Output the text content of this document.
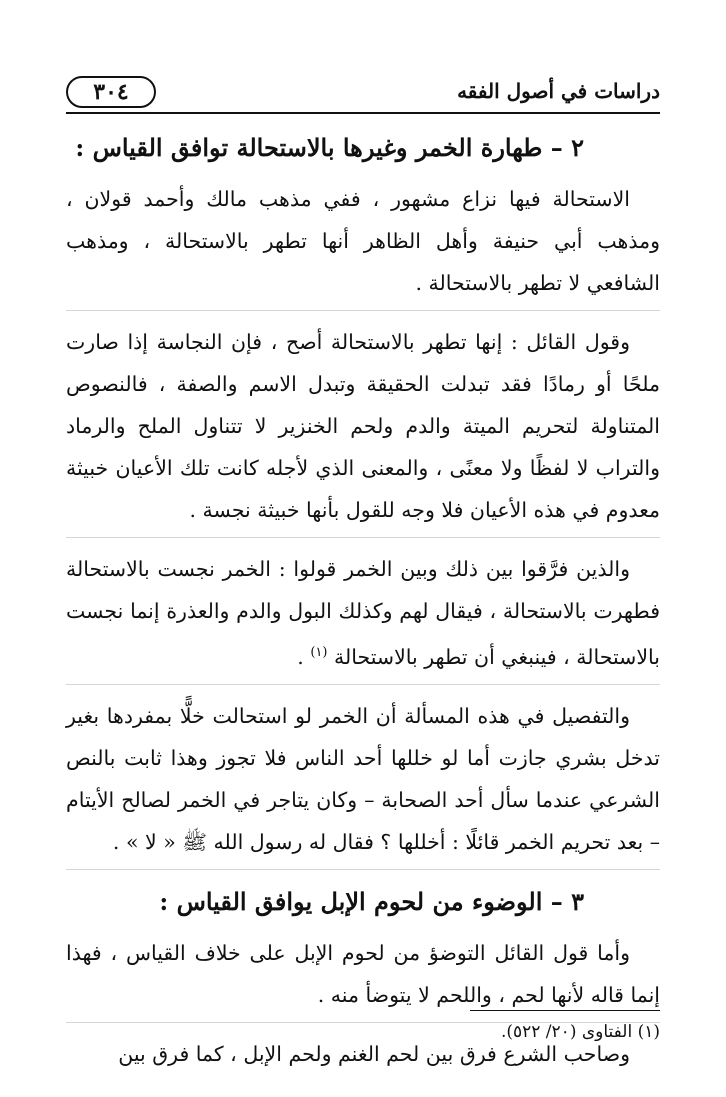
٣٠٤	دراسات في أصول الفقه
٢ – طهارة الخمر وغيرها بالاستحالة توافق القياس :

الاستحالة فيها نزاع مشهور ، ففي مذهب مالك وأحمد قولان ، ومذهب أبي حنيفة وأهل الظاهر أنها تطهر بالاستحالة ، ومذهب الشافعي لا تطهر بالاستحالة .

وقول القائل : إنها تطهر بالاستحالة أصح ، فإن النجاسة إذا صارت ملحًا أو رمادًا فقد تبدلت الحقيقة وتبدل الاسم والصفة ، فالنصوص المتناولة لتحريم الميتة والدم ولحم الخنزير لا تتناول الملح والرماد والتراب لا لفظًا ولا معنًى ، والمعنى الذي لأجله كانت تلك الأعيان خبيثة معدوم في هذه الأعيان فلا وجه للقول بأنها خبيثة نجسة .

والذين فرَّقوا بين ذلك وبين الخمر قولوا : الخمر نجست بالاستحالة فطهرت بالاستحالة ، فيقال لهم وكذلك البول والدم والعذرة إنما نجست بالاستحالة ، فينبغي أن تطهر بالاستحالة $^{(١)}$ .

والتفصيل في هذه المسألة أن الخمر لو استحالت خلًّا بمفردها بغير تدخل بشري جازت أما لو خللها أحد الناس فلا تجوز وهذا ثابت بالنص الشرعي عندما سأل أحد الصحابة – وكان يتاجر في الخمر لصالح الأيتام – بعد تحريم الخمر قائلًا : أخللها ؟ فقال له رسول الله ﷺ « لا » .

٣ – الوضوء من لحوم الإبل يوافق القياس :

وأما قول القائل التوضؤ من لحوم الإبل على خلاف القياس ، فهذا إنما قاله لأنها لحم ، واللحم لا يتوضأ منه .

وصاحب الشرع فرق بين لحم الغنم ولحم الإبل ، كما فرق بين

(١) الفتاوى (٢٠/ ٥٢٢).
